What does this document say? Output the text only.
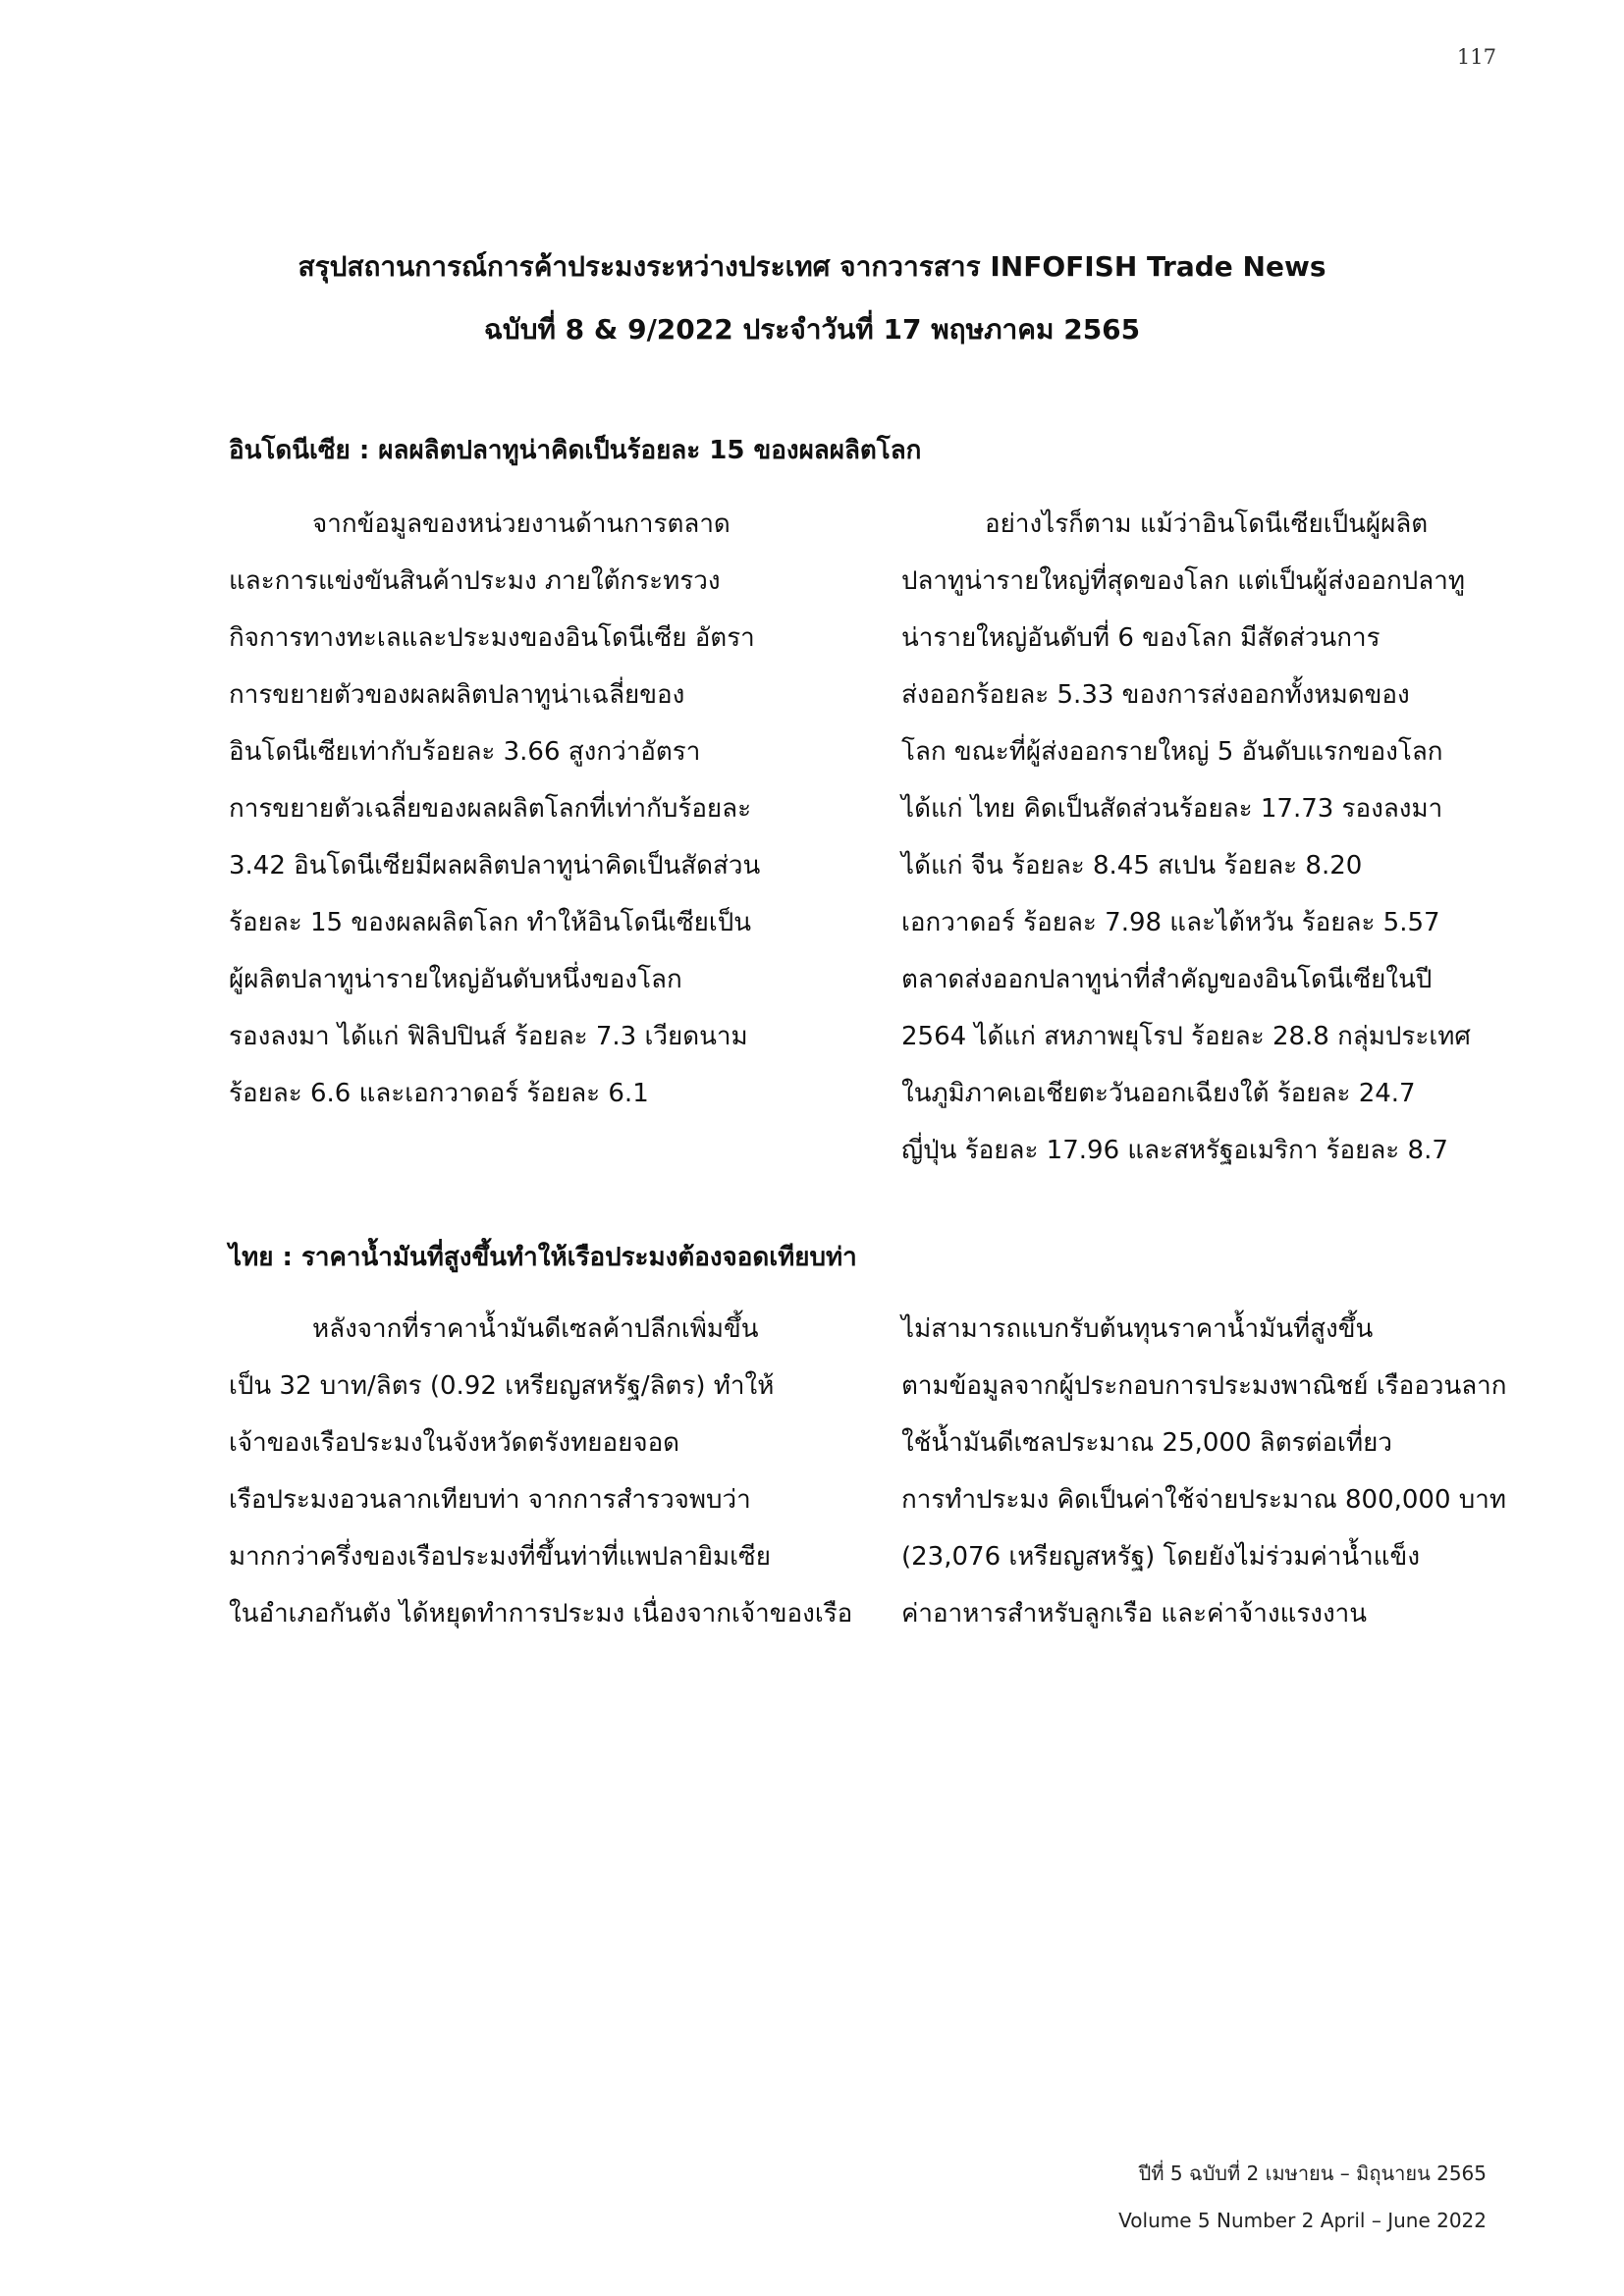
117
สรุปสถานการณ์การค้าประมงระหว่างประเทศ จากวารสาร INFOFISH Trade News
ฉบับที่ 8 & 9/2022 ประจำวันที่ 17 พฤษภาคม 2565
อินโดนีเซีย : ผลผลิตปลาทูน่าคิดเป็นร้อยละ 15 ของผลผลิตโลก
จากข้อมูลของหน่วยงานด้านการตลาด
และการแข่งขันสินค้าประมง ภายใต้กระทรวง
กิจการทางทะเลและประมงของอินโดนีเซีย อัตรา
การขยายตัวของผลผลิตปลาทูน่าเฉลี่ยของ
อินโดนีเซียเท่ากับร้อยละ 3.66 สูงกว่าอัตรา
การขยายตัวเฉลี่ยของผลผลิตโลกที่เท่ากับร้อยละ
3.42 อินโดนีเซียมีผลผลิตปลาทูน่าคิดเป็นสัดส่วน
ร้อยละ 15 ของผลผลิตโลก ทำให้อินโดนีเซียเป็น
ผู้ผลิตปลาทูน่ารายใหญ่อันดับหนึ่งของโลก
รองลงมา ได้แก่ ฟิลิปปินส์ ร้อยละ 7.3 เวียดนาม
ร้อยละ 6.6 และเอกวาดอร์ ร้อยละ 6.1
อย่างไรก็ตาม แม้ว่าอินโดนีเซียเป็นผู้ผลิต
ปลาทูน่ารายใหญ่ที่สุดของโลก แต่เป็นผู้ส่งออกปลาทู
น่ารายใหญ่อันดับที่ 6 ของโลก มีสัดส่วนการ
ส่งออกร้อยละ 5.33 ของการส่งออกทั้งหมดของ
โลก ขณะที่ผู้ส่งออกรายใหญ่ 5 อันดับแรกของโลก
ได้แก่ ไทย คิดเป็นสัดส่วนร้อยละ 17.73 รองลงมา
ได้แก่ จีน ร้อยละ 8.45 สเปน ร้อยละ 8.20
เอกวาดอร์ ร้อยละ 7.98 และไต้หวัน ร้อยละ 5.57
ตลาดส่งออกปลาทูน่าที่สำคัญของอินโดนีเซียในปี
2564 ได้แก่ สหภาพยุโรป ร้อยละ 28.8 กลุ่มประเทศ
ในภูมิภาคเอเชียตะวันออกเฉียงใต้ ร้อยละ 24.7
ญี่ปุ่น ร้อยละ 17.96 และสหรัฐอเมริกา ร้อยละ 8.7
ไทย : ราคาน้ำมันที่สูงขึ้นทำให้เรือประมงต้องจอดเทียบท่า
หลังจากที่ราคาน้ำมันดีเซลค้าปลีกเพิ่มขึ้น
เป็น 32 บาท/ลิตร (0.92 เหรียญสหรัฐ/ลิตร) ทำให้
เจ้าของเรือประมงในจังหวัดตรังทยอยจอด
เรือประมงอวนลากเทียบท่า จากการสำรวจพบว่า
มากกว่าครึ่งของเรือประมงที่ขึ้นท่าที่แพปลายิมเซีย
ในอำเภอกันตัง ได้หยุดทำการประมง เนื่องจากเจ้าของเรือ
ไม่สามารถแบกรับต้นทุนราคาน้ำมันที่สูงขึ้น
ตามข้อมูลจากผู้ประกอบการประมงพาณิชย์ เรืออวนลาก
ใช้น้ำมันดีเซลประมาณ 25,000 ลิตรต่อเที่ยว
การทำประมง คิดเป็นค่าใช้จ่ายประมาณ 800,000 บาท
(23,076 เหรียญสหรัฐ) โดยยังไม่ร่วมค่าน้ำแข็ง
ค่าอาหารสำหรับลูกเรือ และค่าจ้างแรงงาน
ปีที่ 5 ฉบับที่ 2 เมษายน – มิถุนายน 2565
Volume 5 Number 2 April – June 2022
